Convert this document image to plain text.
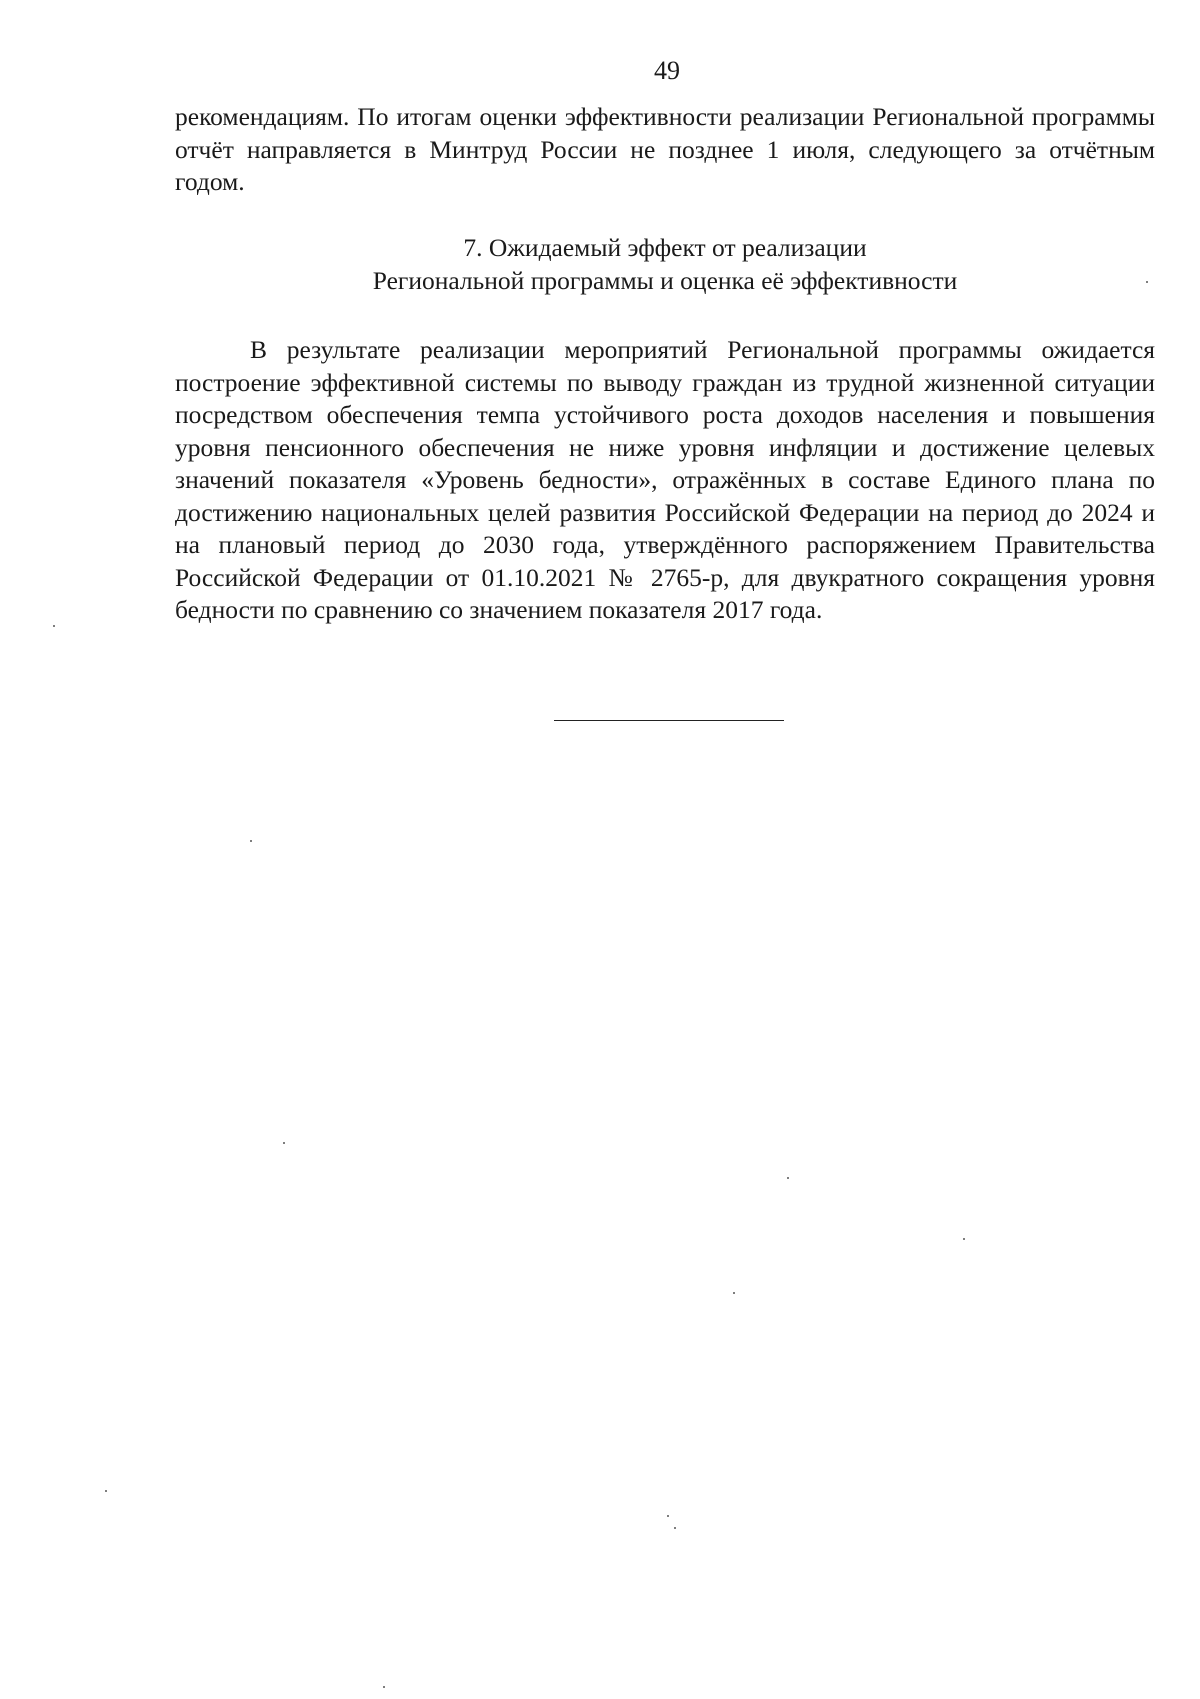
49
рекомендациям. По итогам оценки эффективности реализации Региональной программы отчёт направляется в Минтруд России не позднее 1 июля, следующего за отчётным годом.
7. Ожидаемый эффект от реализации
Региональной программы и оценка её эффективности
В результате реализации мероприятий Региональной программы ожидается построение эффективной системы по выводу граждан из трудной жизненной ситуации посредством обеспечения темпа устойчивого роста доходов населения и повышения уровня пенсионного обеспечения не ниже уровня инфляции и достижение целевых значений показателя «Уровень бедности», отражённых в составе Единого плана по достижению национальных целей развития Российской Федерации на период до 2024 и на плановый период до 2030 года, утверждённого распоряжением Правительства Российской Федерации от 01.10.2021 № 2765-р, для двукратного сокращения уровня бедности по сравнению со значением показателя 2017 года.
